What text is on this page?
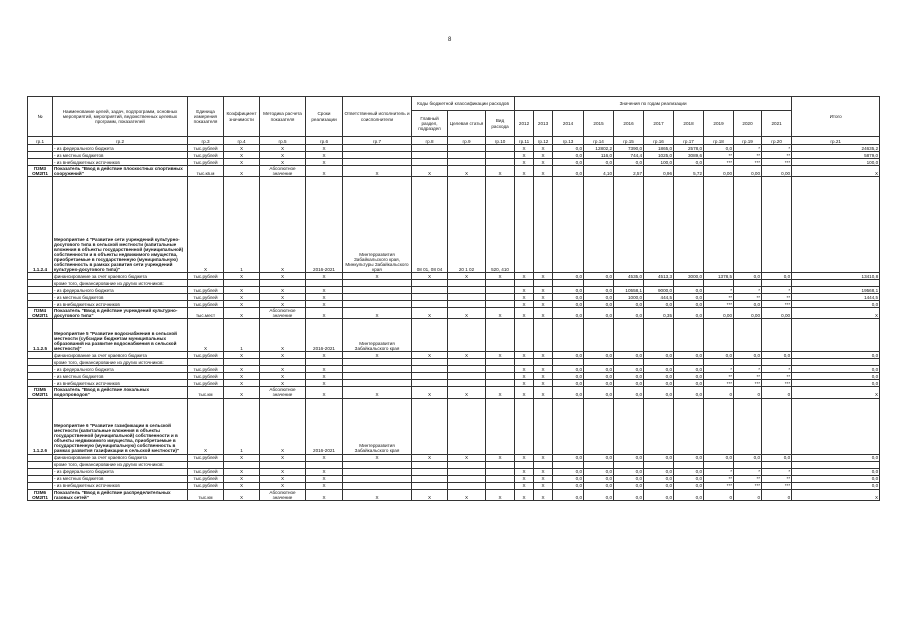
8
№	Наименование целей, задач, подпрограмм, основных мероприятий, мероприятий, ведомственных целевых программ, показателей	Единица измерения показателя	Коэффициент значимости	Методика расчета показателя	Сроки реализации	Ответственный исполнитель и соисполнители	Коды бюджетной классификации расходов			Значения по годам реализации										Итого
							Главный раздел, подраздел	Целевая статья	Вид расхода	2012	2013	2014	2015	2016	2017	2018	2019	2020	2021	
гр.1	гр.2	гр.3	гр.4	гр.5	гр.6	гр.7	гр.8	гр.9	гр.10	гр.11	гр.12	гр.13	гр.14	гр.15	гр.16	гр.17	гр.18	гр.19	гр.20	гр.21
	- из федерального бюджета	тыс.рублей	Х	Х	Х					Х	Х	0,0	12802,2	7390,0	1865,0	2578,0	0,0	*	*	24635,2
	- из местных бюджетов	тыс.рублей	Х	Х	Х					Х	Х	0,0	116,0	744,4	1025,0	3089,6	**	**	**	5879,0
	- из внебюджетных источников	тыс.рублей	Х	Х	Х					Х	Х	0,0	0,0	0,0	100,0	0,0	***	***	***	100,0
П3М3 ОМ2П1	Показатель "Ввод в действие плоскостных спортивных сооружений"	тыс.кв.м	Х	Абсолютное значение	Х	Х	Х	Х	Х	Х	Х	0,0	4,10	2,57	0,96	5,72	0,00	0,00	0,00	Х
1.1.2.4	Мероприятие 4 "Развитие сети учреждений культурно-досугового типа в сельской местности (капитальные вложения в объекты государственной (муниципальной) собственности и в объекты недвижимого имущества, приобретаемые в государственную (муниципальную) собственность в рамках развития сети учреждений культурно-досугового типа)"	Х	1	Х	2016-2021	Минтерразвития Забайкальского края, Минкультуры Забайкальского края	08 01, 08 04	20 1 02	520, 410											
	финансирование за счет краевого бюджета	тыс.рублей	Х	Х	Х	Х	Х	Х	Х	Х	Х	0,0	0,0	4535,0	4513,3	3000,0	1378,5	0,0	0,0	13410,8
	кроме того, финансирование из других источников:																			
	- из федерального бюджета	тыс.рублей	Х	Х	Х					Х	Х	0,0	0,0	10558,1	9000,0	0,0	*	*	*	19568,1
	- из местных бюджетов	тыс.рублей	Х	Х	Х					Х	Х	0,0	0,0	1000,0	444,5	0,0	**	**	**	1444,5
	- из внебюджетных источников	тыс.рублей	Х	Х	Х					Х	Х	0,0	0,0	0,0	0,0	0,0	***	0,0	***	0,0
П3М4 ОМ2П1	Показатель "Ввод в действие учреждений культурно-досугового типа"	тыс.мест	Х	Абсолютное значение	Х	Х	Х	Х	Х	Х	Х	0,0	0,0	0,0	0,35	0,0	0,00	0,00	0,00	Х
1.1.2.5	Мероприятие 5 "Развитие водоснабжения в сельской местности (субсидии бюджетам муниципальных образований на развитие водоснабжения в сельской местности)"	Х	1	Х	2016-2021	Минтерразвития Забайкальского края														
	финансирование за счет краевого бюджета	тыс.рублей	Х	Х	Х	Х	Х	Х	Х	Х	Х	0,0	0,0	0,0	0,0	0,0	0,0	0,0	0,0	0,0
	кроме того, финансирование из других источников:																			
	- из федерального бюджета	тыс.рублей	Х	Х	Х					Х	Х	0,0	0,0	0,0	0,0	0,0	*	*	*	0,0
	- из местных бюджетов	тыс.рублей	Х	Х	Х					Х	Х	0,0	0,0	0,0	0,0	0,0	**	**	**	0,0
	- из внебюджетных источников	тыс.рублей	Х	Х	Х					Х	Х	0,0	0,0	0,0	0,0	0,0	***	***	***	0,0
П3М5 ОМ2П1	Показатель "Ввод в действие локальных водопроводов"	тыс.км	Х	Абсолютное значение	Х	Х	Х	Х	Х	Х	Х	0,0	0,0	0,0	0,0	0,0	0	0	0	Х
1.1.2.6	Мероприятие 6 "Развитие газификации в сельской местности (капитальные вложения в объекты государственной (муниципальной) собственности и в объекты недвижимого имущества, приобретаемые в государственную (муниципальную) собственность в рамках развития газификации в сельской местности)"	Х	1	Х	2016-2021	Минтерразвития Забайкальского края														
	финансирование за счет краевого бюджета	тыс.рублей	Х	Х	Х	Х	Х	Х	Х	Х	Х	0,0	0,0	0,0	0,0	0,0	0,0	0,0	0,0	0,0
	кроме того, финансирование из других источников:																			
	- из федерального бюджета	тыс.рублей	Х	Х	Х					Х	Х	0,0	0,0	0,0	0,0	0,0	*	*	*	0,0
	- из местных бюджетов	тыс.рублей	Х	Х	Х					Х	Х	0,0	0,0	0,0	0,0	0,0	**	**	**	0,0
	- из внебюджетных источников	тыс.рублей	Х	Х	Х					Х	Х	0,0	0,0	0,0	0,0	0,0	***	***	***	0,0
П3М6 ОМ2П1	Показатель "Ввод в действие распределительных газовых сетей"	тыс.км	Х	Абсолютное значение	Х	Х	Х	Х	Х	Х	Х	0,0	0,0	0,0	0,0	0,0	0	0	0	Х
